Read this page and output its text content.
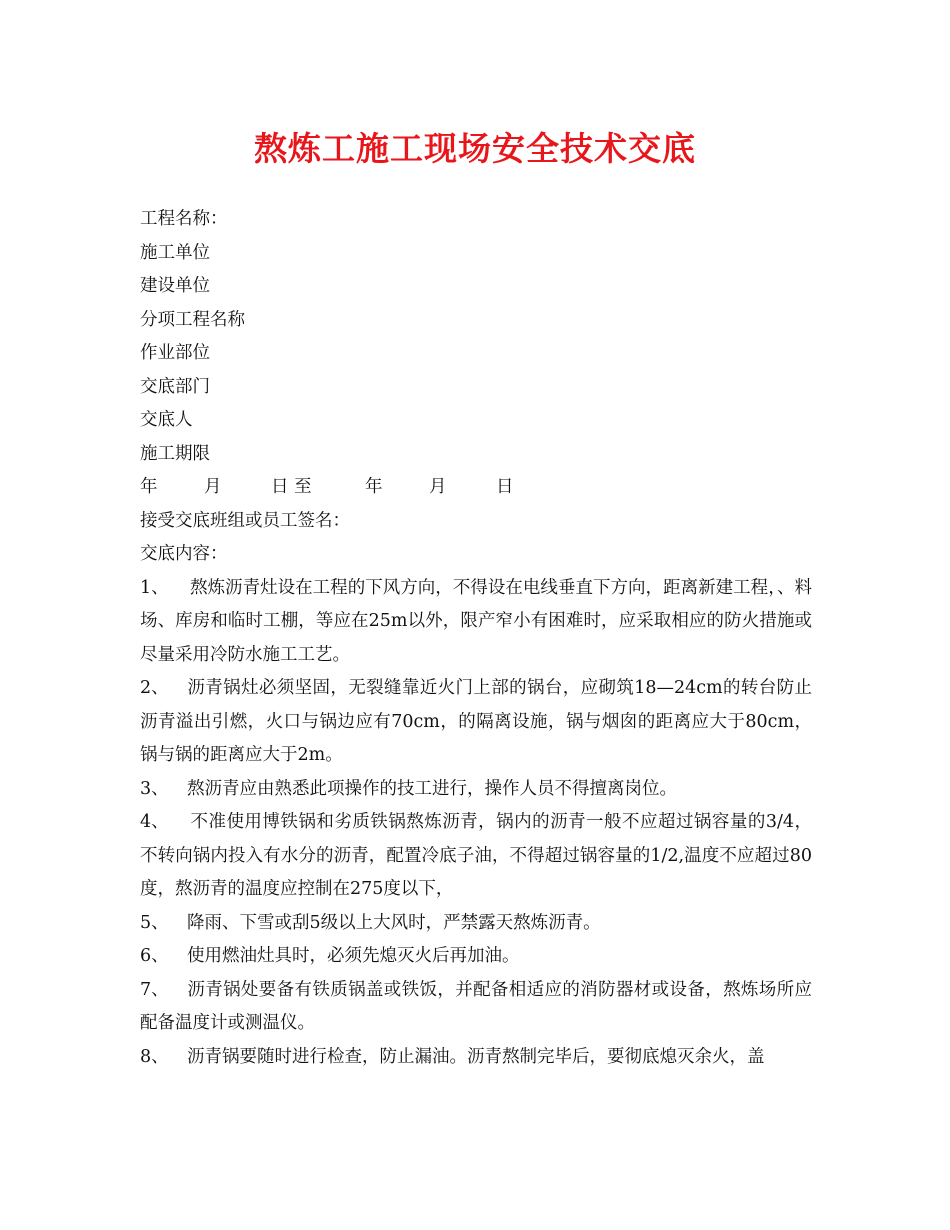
熬炼工施工现场安全技术交底
工程名称：
施工单位
建设单位
分项工程名称
作业部位
交底部门
交底人
施工期限
年	月	日 至	年	月	日
接受交底班组或员工签名：
交底内容：
1、 熬炼沥青灶设在工程的下风方向，不得设在电线垂直下方向，距离新建工程，、料场、库房和临时工棚，等应在25m以外，限产窄小有困难时，应采取相应的防火措施或尽量采用冷防水施工工艺。
2、 沥青锅灶必须坚固，无裂缝靠近火门上部的锅台，应砌筑18—24cm的转台防止沥青溢出引燃，火口与锅边应有70cm，的隔离设施，锅与烟囱的距离应大于80cm，锅与锅的距离应大于2m。
3、 熬沥青应由熟悉此项操作的技工进行，操作人员不得擅离岗位。
4、 不准使用博铁锅和劣质铁锅熬炼沥青，锅内的沥青一般不应超过锅容量的3/4，不转向锅内投入有水分的沥青，配置冷底子油，不得超过锅容量的1/2,温度不应超过80度，熬沥青的温度应控制在275度以下，
5、 降雨、下雪或刮5级以上大风时，严禁露天熬炼沥青。
6、 使用燃油灶具时，必须先熄灭火后再加油。
7、 沥青锅处要备有铁质锅盖或铁饭，并配备相适应的消防器材或设备，熬炼场所应配备温度计或测温仪。
8、 沥青锅要随时进行检查，防止漏油。沥青熬制完毕后，要彻底熄灭余火，盖
